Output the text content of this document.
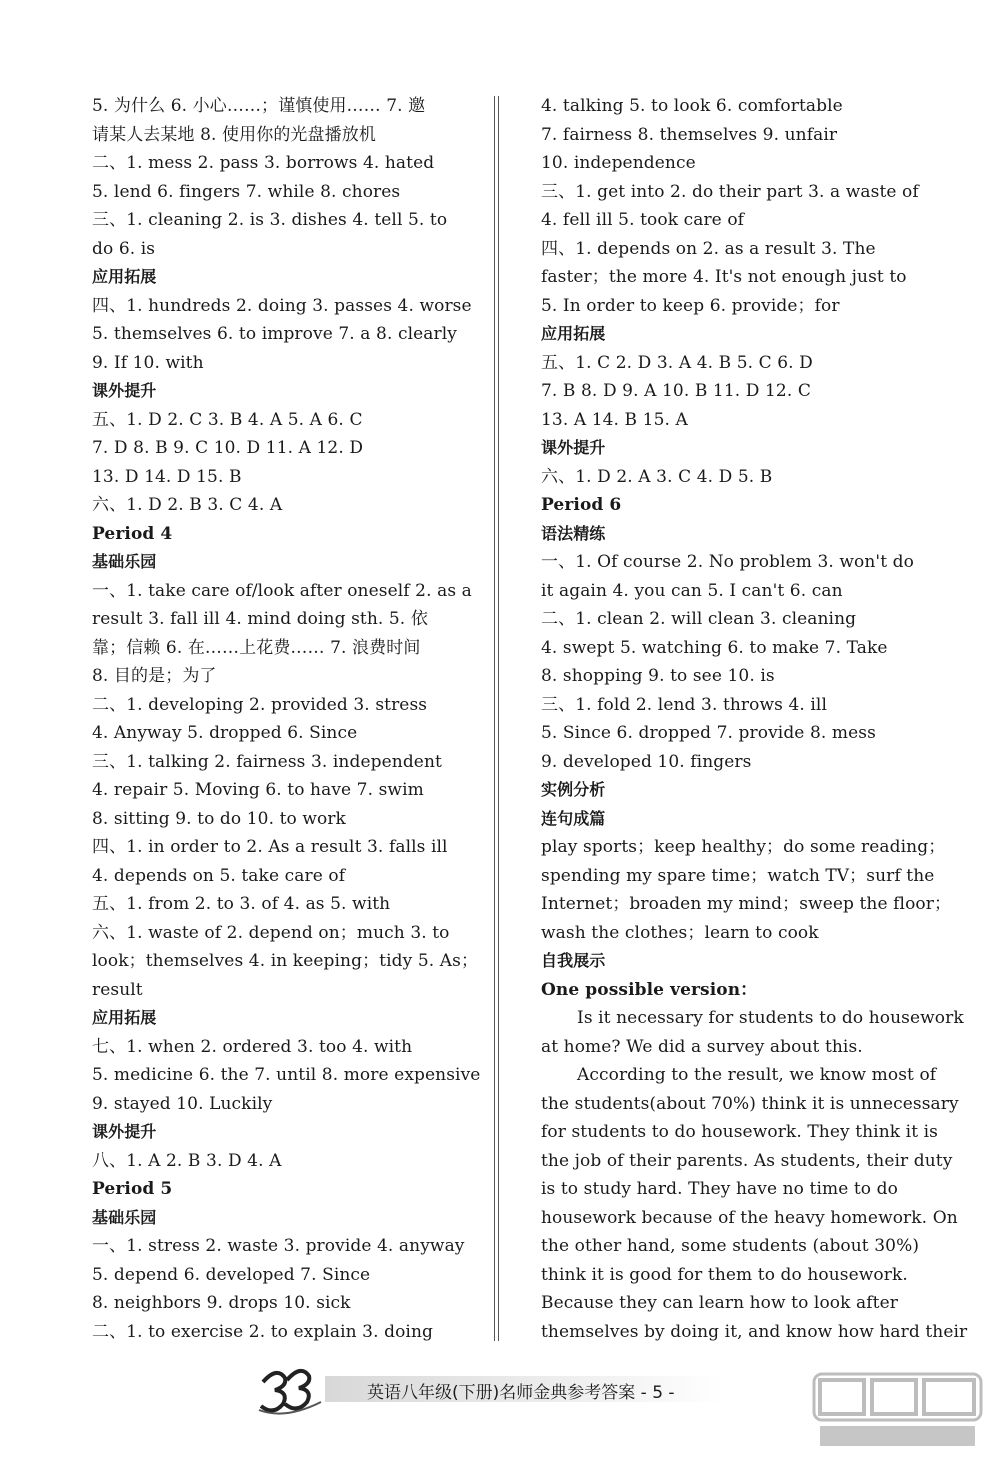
5. 为什么 6. 小心……；谨慎使用…… 7. 邀
请某人去某地 8. 使用你的光盘播放机
二、1. mess 2. pass 3. borrows 4. hated
5. lend 6. fingers 7. while 8. chores
三、1. cleaning 2. is 3. dishes 4. tell 5. to
do 6. is
应用拓展
四、1. hundreds 2. doing 3. passes 4. worse
5. themselves 6. to improve 7. a 8. clearly
9. If 10. with
课外提升
五、1. D 2. C 3. B 4. A 5. A 6. C
7. D 8. B 9. C 10. D 11. A 12. D
13. D 14. D 15. B
六、1. D 2. B 3. C 4. A
Period 4
基础乐园
一、1. take care of/look after oneself 2. as a
result 3. fall ill 4. mind doing sth. 5. 依
靠；信赖 6. 在……上花费…… 7. 浪费时间
8. 目的是；为了
二、1. developing 2. provided 3. stress
4. Anyway 5. dropped 6. Since
三、1. talking 2. fairness 3. independent
4. repair 5. Moving 6. to have 7. swim
8. sitting 9. to do 10. to work
四、1. in order to 2. As a result 3. falls ill
4. depends on 5. take care of
五、1. from 2. to 3. of 4. as 5. with
六、1. waste of 2. depend on；much 3. to
look；themselves 4. in keeping；tidy 5. As；
result
应用拓展
七、1. when 2. ordered 3. too 4. with
5. medicine 6. the 7. until 8. more expensive
9. stayed 10. Luckily
课外提升
八、1. A 2. B 3. D 4. A
Period 5
基础乐园
一、1. stress 2. waste 3. provide 4. anyway
5. depend 6. developed 7. Since
8. neighbors 9. drops 10. sick
二、1. to exercise 2. to explain 3. doing
4. talking 5. to look 6. comfortable
7. fairness 8. themselves 9. unfair
10. independence
三、1. get into 2. do their part 3. a waste of
4. fell ill 5. took care of
四、1. depends on 2. as a result 3. The
faster；the more 4. It's not enough just to
5. In order to keep 6. provide；for
应用拓展
五、1. C 2. D 3. A 4. B 5. C 6. D
7. B 8. D 9. A 10. B 11. D 12. C
13. A 14. B 15. A
课外提升
六、1. D 2. A 3. C 4. D 5. B
Period 6
语法精练
一、1. Of course 2. No problem 3. won't do
it again 4. you can 5. I can't 6. can
二、1. clean 2. will clean 3. cleaning
4. swept 5. watching 6. to make 7. Take
8. shopping 9. to see 10. is
三、1. fold 2. lend 3. throws 4. ill
5. Since 6. dropped 7. provide 8. mess
9. developed 10. fingers
实例分析
连句成篇
play sports；keep healthy；do some reading；
spending my spare time；watch TV；surf the
Internet；broaden my mind；sweep the floor；
wash the clothes；learn to cook
自我展示
One possible version：
Is it necessary for students to do housework
at home? We did a survey about this.
According to the result, we know most of
the students(about 70%) think it is unnecessary
for students to do housework. They think it is
the job of their parents. As students, their duty
is to study hard. They have no time to do
housework because of the heavy homework. On
the other hand, some students (about 30%)
think it is good for them to do housework.
Because they can learn how to look after
themselves by doing it, and know how hard their
英语八年级(下册)名师金典参考答案 - 5 -
